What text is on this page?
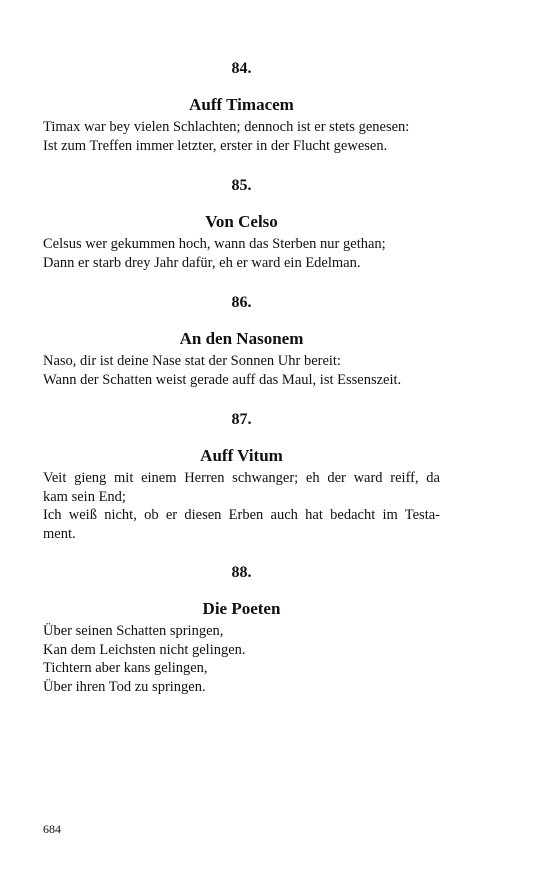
84.
Auff Timacem
Timax war bey vielen Schlachten; dennoch ist er stets genesen:
Ist zum Treffen immer letzter, erster in der Flucht gewesen.
85.
Von Celso
Celsus wer gekummen hoch, wann das Sterben nur gethan;
Dann er starb drey Jahr dafür, eh er ward ein Edelman.
86.
An den Nasonem
Naso, dir ist deine Nase stat der Sonnen Uhr bereit:
Wann der Schatten weist gerade auff das Maul, ist Essenszeit.
87.
Auff Vitum
Veit gieng mit einem Herren schwanger; eh der ward reiff, da
kam sein End;
Ich weiß nicht, ob er diesen Erben auch hat bedacht im Testa-
ment.
88.
Die Poeten
Über seinen Schatten springen,
Kan dem Leichsten nicht gelingen.
Tichtern aber kans gelingen,
Über ihren Tod zu springen.
684
